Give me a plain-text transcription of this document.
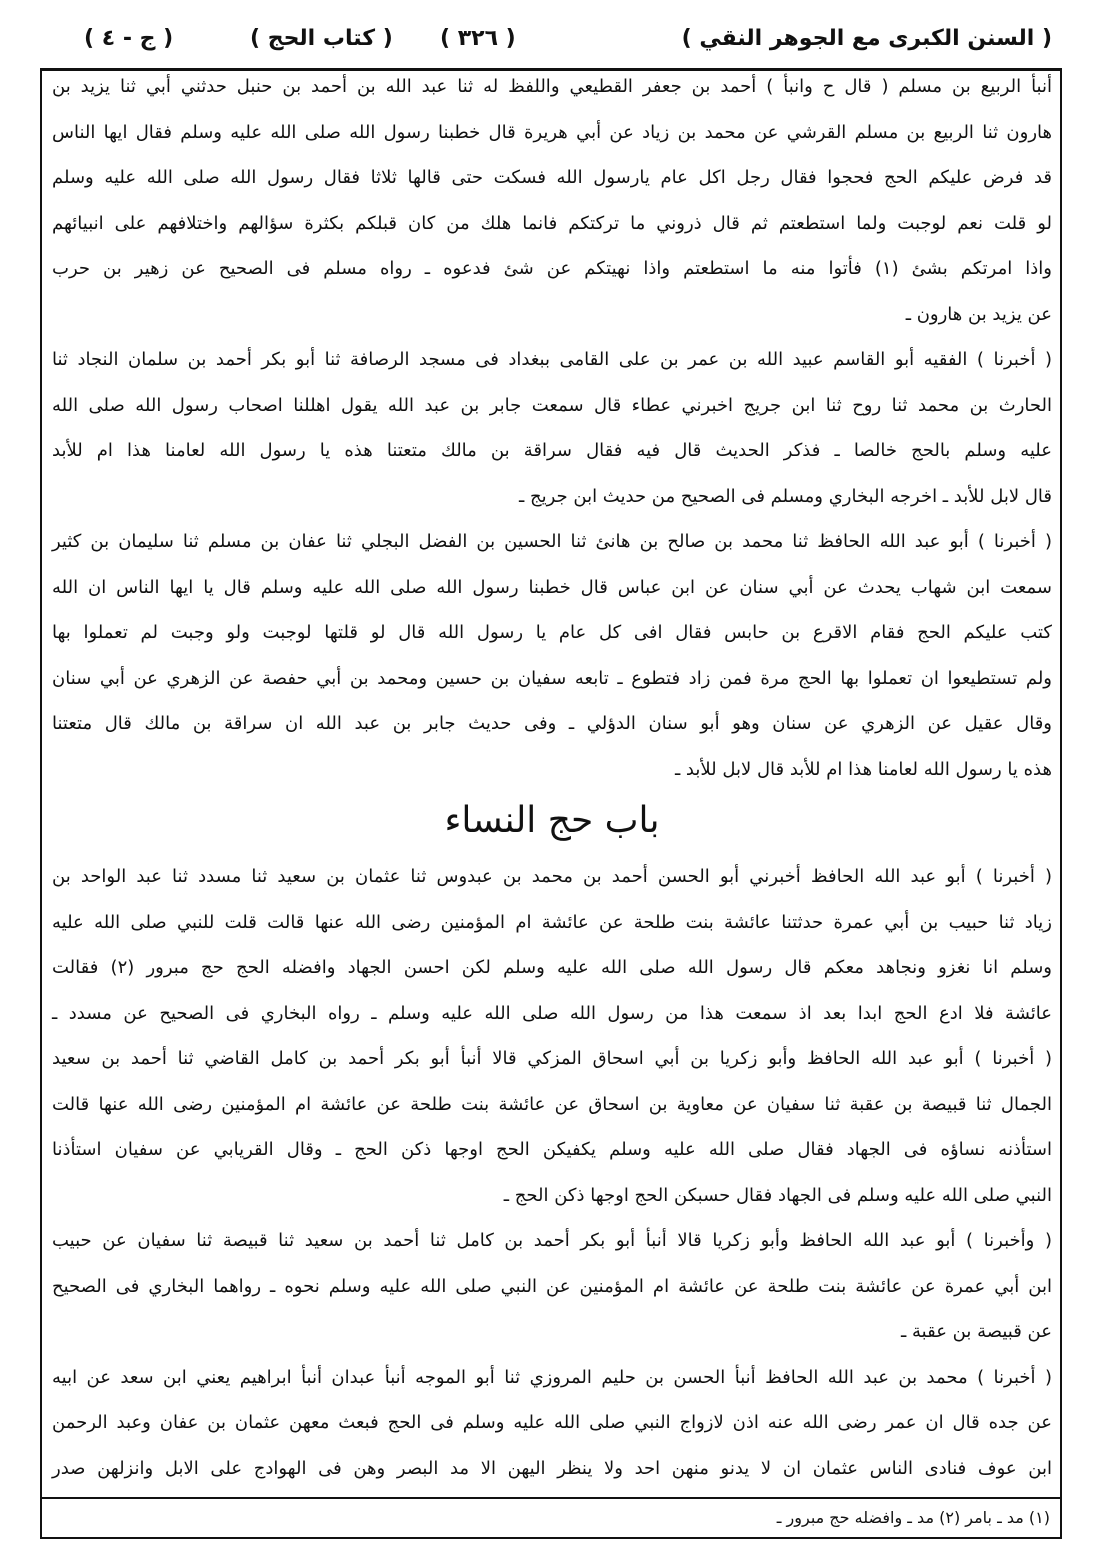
( السنن الكبرى مع الجوهر النقي )
( ٣٢٦ )
( كتاب الحج )
( ج - ٤ )
أنبأ الربيع بن مسلم ( قال ح وانبأ ) أحمد بن جعفر القطيعي واللفظ له ثنا عبد الله بن أحمد بن حنبل حدثني أبي ثنا يزيد بن
هارون ثنا الربيع بن مسلم القرشي عن محمد بن زياد عن أبي هريرة قال خطبنا رسول الله صلى الله عليه وسلم فقال ايها الناس
قد فرض عليكم الحج فحجوا فقال رجل اكل عام يارسول الله فسكت حتى قالها ثلاثا فقال رسول الله صلى الله عليه وسلم
لو قلت نعم لوجبت ولما استطعتم ثم قال ذروني ما تركتكم فانما هلك من كان قبلكم بكثرة سؤالهم واختلافهم على انبيائهم
واذا امرتكم بشئ (١) فأتوا منه ما استطعتم واذا نهيتكم عن شئ فدعوه ـ رواه مسلم فى الصحيح عن زهير بن حرب
عن يزيد بن هارون ـ
( أخبرنا ) الفقيه أبو القاسم عبيد الله بن عمر بن على القامى ببغداد فى مسجد الرصافة ثنا أبو بكر أحمد بن سلمان النجاد ثنا
الحارث بن محمد ثنا روح ثنا ابن جريج اخبرني عطاء قال سمعت جابر بن عبد الله يقول اهللنا اصحاب رسول الله صلى الله
عليه وسلم بالحج خالصا ـ فذكر الحديث قال فيه فقال سراقة بن مالك متعتنا هذه يا رسول الله لعامنا هذا ام للأبد
قال لابل للأبد ـ اخرجه البخاري ومسلم فى الصحيح من حديث ابن جريج ـ
( أخبرنا ) أبو عبد الله الحافظ ثنا محمد بن صالح بن هانئ ثنا الحسين بن الفضل البجلي ثنا عفان بن مسلم ثنا سليمان بن كثير
سمعت ابن شهاب يحدث عن أبي سنان عن ابن عباس قال خطبنا رسول الله صلى الله عليه وسلم قال يا ايها الناس ان الله
كتب عليكم الحج فقام الاقرع بن حابس فقال افى كل عام يا رسول الله قال لو قلتها لوجبت ولو وجبت لم تعملوا بها
ولم تستطيعوا ان تعملوا بها الحج مرة فمن زاد فتطوع ـ تابعه سفيان بن حسين ومحمد بن أبي حفصة عن الزهري عن أبي سنان
وقال عقيل عن الزهري عن سنان وهو أبو سنان الدؤلي ـ وفى حديث جابر بن عبد الله ان سراقة بن مالك قال متعتنا
هذه يا رسول الله لعامنا هذا ام للأبد قال لابل للأبد ـ
باب حج النساء
( أخبرنا ) أبو عبد الله الحافظ أخبرني أبو الحسن أحمد بن محمد بن عبدوس ثنا عثمان بن سعيد ثنا مسدد ثنا عبد الواحد بن
زياد ثنا حبيب بن أبي عمرة حدثتنا عائشة بنت طلحة عن عائشة ام المؤمنين رضى الله عنها قالت قلت للنبي صلى الله عليه
وسلم انا نغزو ونجاهد معكم قال رسول الله صلى الله عليه وسلم لكن احسن الجهاد وافضله الحج حج مبرور (٢) فقالت
عائشة فلا ادع الحج ابدا بعد اذ سمعت هذا من رسول الله صلى الله عليه وسلم ـ رواه البخاري فى الصحيح عن مسدد ـ
( أخبرنا ) أبو عبد الله الحافظ وأبو زكريا بن أبي اسحاق المزكي قالا أنبأ أبو بكر أحمد بن كامل القاضي ثنا أحمد بن سعيد
الجمال ثنا قبيصة بن عقبة ثنا سفيان عن معاوية بن اسحاق عن عائشة بنت طلحة عن عائشة ام المؤمنين رضى الله عنها قالت
استأذنه نساؤه فى الجهاد فقال صلى الله عليه وسلم يكفيكن الحج اوجها ذكن الحج ـ وقال القريابي عن سفيان استأذنا
النبي صلى الله عليه وسلم فى الجهاد فقال حسبكن الحج اوجها ذكن الحج ـ
( وأخبرنا ) أبو عبد الله الحافظ وأبو زكريا قالا أنبأ أبو بكر أحمد بن كامل ثنا أحمد بن سعيد ثنا قبيصة ثنا سفيان عن حبيب
ابن أبي عمرة عن عائشة بنت طلحة عن عائشة ام المؤمنين عن النبي صلى الله عليه وسلم نحوه ـ رواهما البخاري فى الصحيح
عن قبيصة بن عقبة ـ
( أخبرنا ) محمد بن عبد الله الحافظ أنبأ الحسن بن حليم المروزي ثنا أبو الموجه أنبأ عبدان أنبأ ابراهيم يعني ابن سعد عن ابيه
عن جده قال ان عمر رضى الله عنه اذن لازواج النبي صلى الله عليه وسلم فى الحج فبعث معهن عثمان بن عفان وعبد الرحمن
ابن عوف فنادى الناس عثمان ان لا يدنو منهن احد ولا ينظر اليهن الا مد البصر وهن فى الهوادج على الابل وانزلهن صدر
(١) مد ـ بامر (٢) مد ـ وافضله حج مبرور ـ
